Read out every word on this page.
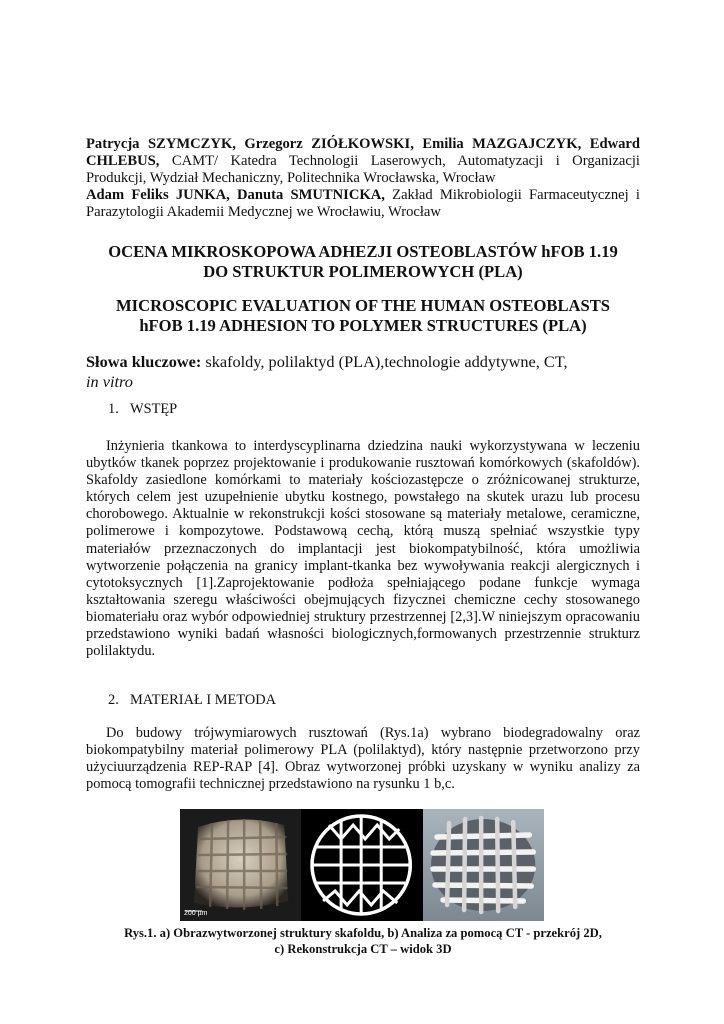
Patrycja SZYMCZYK, Grzegorz ZIÓŁKOWSKI, Emilia MAZGAJCZYK, Edward CHLEBUS, CAMT/ Katedra Technologii Laserowych, Automatyzacji i Organizacji Produkcji, Wydział Mechaniczny, Politechnika Wrocławska, Wrocław

Adam Feliks JUNKA, Danuta SMUTNICKA, Zakład Mikrobiologii Farmaceutycznej i Parazytologii Akademii Medycznej we Wrocławiu, Wrocław

OCENA MIKROSKOPOWA ADHEZJI OSTEOBLASTÓW hFOB 1.19
DO STRUKTUR POLIMEROWYCH (PLA)
MICROSCOPIC EVALUATION OF THE HUMAN OSTEOBLASTS
hFOB 1.19 ADHESION TO POLYMER STRUCTURES (PLA)
Słowa kluczowe: skafoldy, polilaktyd (PLA),technologie addytywne, CT,
in vitro
1. WSTĘP
Inżynieria tkankowa to interdyscyplinarna dziedzina nauki wykorzystywana w leczeniu ubytków tkanek poprzez projektowanie i produkowanie rusztowań komórkowych (skafoldów). Skafoldy zasiedlone komórkami to materiały kościozastępcze o zróżnicowanej strukturze, których celem jest uzupełnienie ubytku kostnego, powstałego na skutek urazu lub procesu chorobowego. Aktualnie w rekonstrukcji kości stosowane są materiały metalowe, ceramiczne, polimerowe i kompozytowe. Podstawową cechą, którą muszą spełniać wszystkie typy materiałów przeznaczonych do implantacji jest biokompatybilność, która umożliwia wytworzenie połączenia na granicy implant-tkanka bez wywoływania reakcji alergicznych i cytotoksycznych [1].Zaprojektowanie podłoża spełniającego podane funkcje wymaga kształtowania szeregu właściwości obejmujących fizycznei chemiczne cechy stosowanego biomateriału oraz wybór odpowiedniej struktury przestrzennej [2,3].W niniejszym opracowaniu przedstawiono wyniki badań własności biologicznych,formowanych przestrzennie strukturz polilaktydu.
2. MATERIAŁ I METODA
Do budowy trójwymiarowych rusztowań (Rys.1a) wybrano biodegradowalny oraz biokompatybilny materiał polimerowy PLA (polilaktyd), który następnie przetworzono przy użyciuurządzenia REP-RAP [4]. Obraz wytworzonej próbki uzyskany w wyniku analizy za pomocą tomografii technicznej przedstawiono na rysunku 1 b,c.
200 µm
Rys.1. a) Obrazwytworzonej struktury skafoldu, b) Analiza za pomocą CT - przekrój 2D,
c) Rekonstrukcja CT – widok 3D
